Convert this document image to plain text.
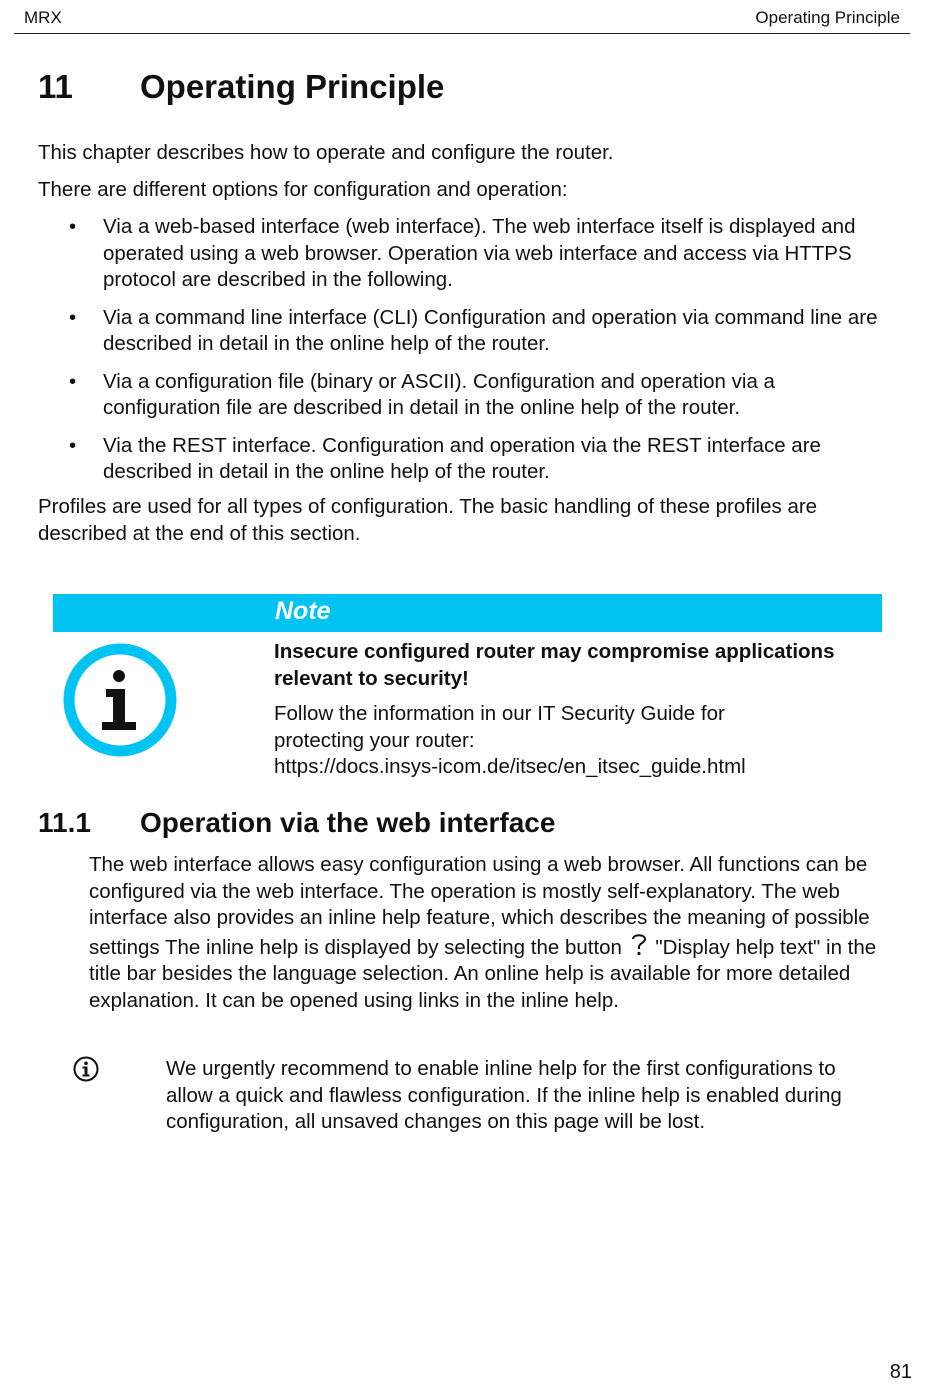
MRX	Operating Principle
11	Operating Principle
This chapter describes how to operate and configure the router.
There are different options for configuration and operation:
• Via a web-based interface (web interface). The web interface itself is displayed and operated using a web browser. Operation via web interface and access via HTTPS protocol are described in the following.
• Via a command line interface (CLI) Configuration and operation via command line are described in detail in the online help of the router.
• Via a configuration file (binary or ASCII). Configuration and operation via a configuration file are described in detail in the online help of the router.
• Via the REST interface. Configuration and operation via the REST interface are described in detail in the online help of the router.
Profiles are used for all types of configuration. The basic handling of these profiles are described at the end of this section.
Note
Insecure configured router may compromise applications relevant to security!
Follow the information in our IT Security Guide for
protecting your router:
https://docs.insys-icom.de/itsec/en_itsec_guide.html
11.1	Operation via the web interface
The web interface allows easy configuration using a web browser. All functions can be configured via the web interface. The operation is mostly self-explanatory. The web interface also provides an inline help feature, which describes the meaning of possible settings The inline help is displayed by selecting the button "Display help text" in the title bar besides the language selection. An online help is available for more detailed explanation. It can be opened using links in the inline help.
We urgently recommend to enable inline help for the first configurations to allow a quick and flawless configuration. If the inline help is enabled during configuration, all unsaved changes on this page will be lost.
81
